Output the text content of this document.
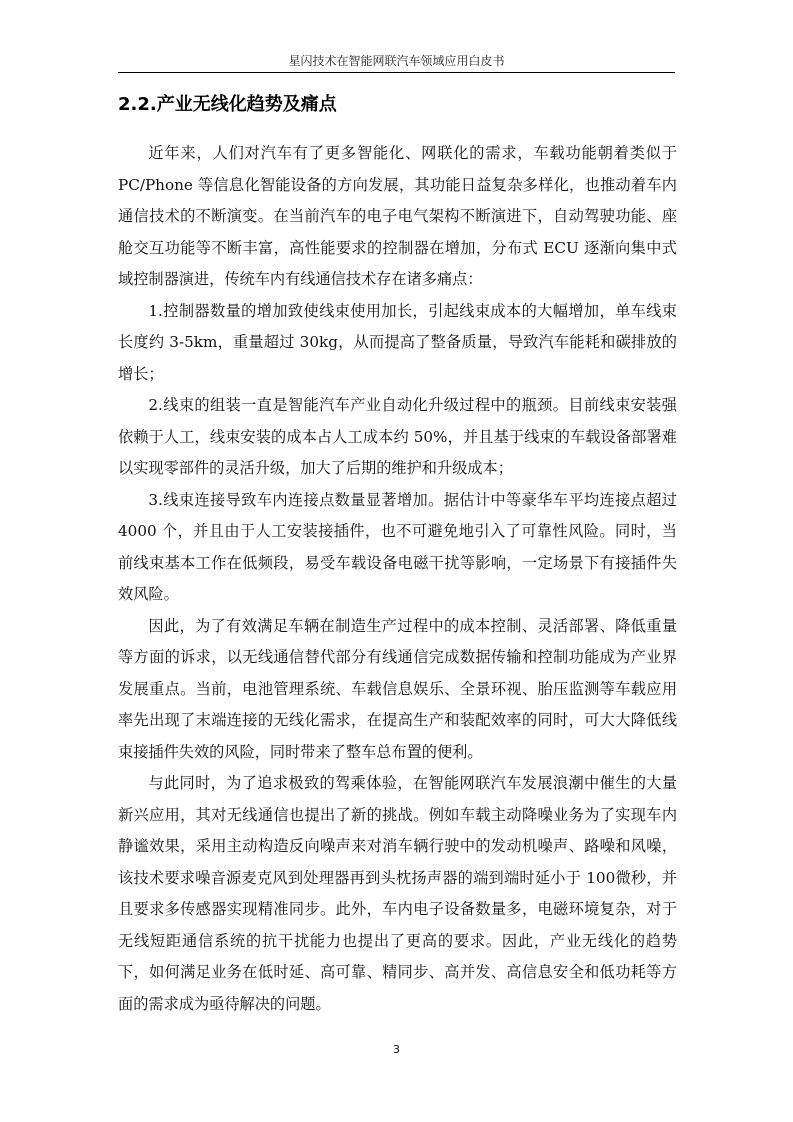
星闪技术在智能网联汽车领域应用白皮书
2.2.产业无线化趋势及痛点

近年来，人们对汽车有了更多智能化、网联化的需求，车载功能朝着类似于PC/Phone 等信息化智能设备的方向发展，其功能日益复杂多样化，也推动着车内通信技术的不断演变。在当前汽车的电子电气架构不断演进下，自动驾驶功能、座舱交互功能等不断丰富，高性能要求的控制器在增加，分布式 ECU 逐渐向集中式域控制器演进，传统车内有线通信技术存在诸多痛点：

1.控制器数量的增加致使线束使用加长，引起线束成本的大幅增加，单车线束长度约 3-5km，重量超过 30kg，从而提高了整备质量，导致汽车能耗和碳排放的增长；

2.线束的组装一直是智能汽车产业自动化升级过程中的瓶颈。目前线束安装强依赖于人工，线束安装的成本占人工成本约 50%，并且基于线束的车载设备部署难以实现零部件的灵活升级，加大了后期的维护和升级成本；

3.线束连接导致车内连接点数量显著增加。据估计中等豪华车平均连接点超过 4000 个，并且由于人工安装接插件，也不可避免地引入了可靠性风险。同时，当前线束基本工作在低频段，易受车载设备电磁干扰等影响，一定场景下有接插件失效风险。

因此，为了有效满足车辆在制造生产过程中的成本控制、灵活部署、降低重量等方面的诉求，以无线通信替代部分有线通信完成数据传输和控制功能成为产业界发展重点。当前，电池管理系统、车载信息娱乐、全景环视、胎压监测等车载应用率先出现了末端连接的无线化需求，在提高生产和装配效率的同时，可大大降低线束接插件失效的风险，同时带来了整车总布置的便利。

与此同时，为了追求极致的驾乘体验，在智能网联汽车发展浪潮中催生的大量新兴应用，其对无线通信也提出了新的挑战。例如车载主动降噪业务为了实现车内静谧效果，采用主动构造反向噪声来对消车辆行驶中的发动机噪声、路噪和风噪，该技术要求噪音源麦克风到处理器再到头枕扬声器的端到端时延小于 100微秒，并且要求多传感器实现精准同步。此外，车内电子设备数量多，电磁环境复杂，对于无线短距通信系统的抗干扰能力也提出了更高的要求。因此，产业无线化的趋势下，如何满足业务在低时延、高可靠、精同步、高并发、高信息安全和低功耗等方面的需求成为亟待解决的问题。

3
